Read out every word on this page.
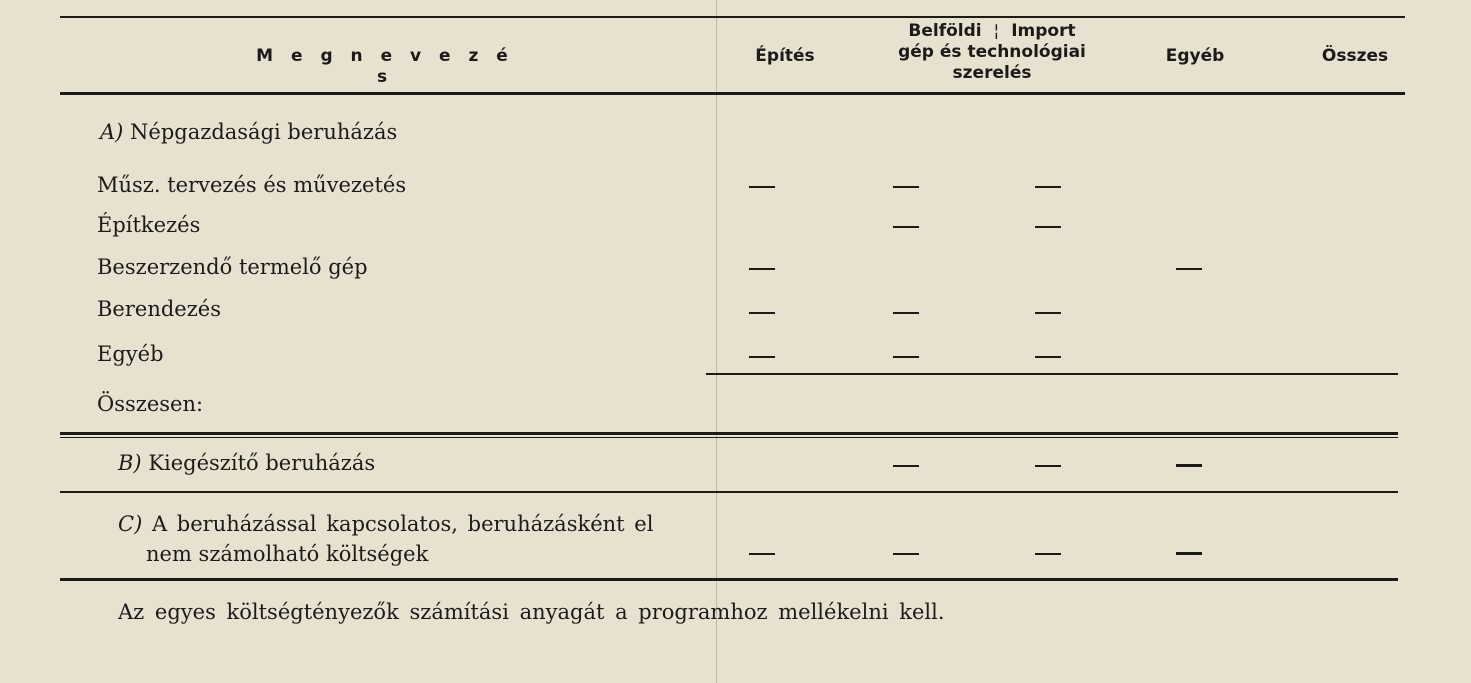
M e g n e v e z é s
Építés
Belföldi ¦ Import
gép és technológiai
szerelés
Egyéb	Összes
A) Népgazdasági beruházás
Műsz. tervezés és művezetés
Építkezés
Beszerzendő termelő gép
Berendezés
Egyéb
Összesen:
B) Kiegészítő beruházás
C) A beruházással kapcsolatos, beruházásként el
nem számolható költségek
Az egyes költségtényezők számítási anyagát a programhoz mellékelni kell.
